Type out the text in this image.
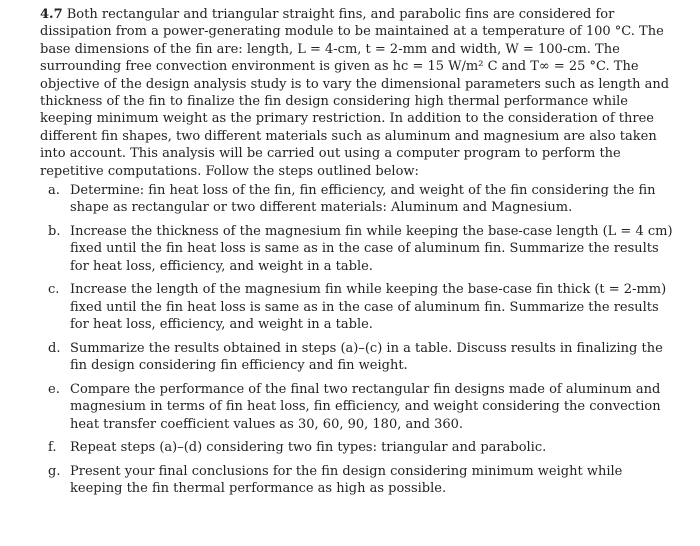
4.7 Both rectangular and triangular straight fins, and parabolic fins are considered for dissipation from a power-generating module to be maintained at a temperature of 100 °C. The base dimensions of the fin are: length, L = 4-cm, t = 2-mm and width, W = 100-cm. The surrounding free convection environment is given as hc = 15 W/m² C and T∞ = 25 °C. The objective of the design analysis study is to vary the dimensional parameters such as length and thickness of the fin to finalize the fin design considering high thermal performance while keeping minimum weight as the primary restriction. In addition to the consideration of three different fin shapes, two different materials such as aluminum and magnesium are also taken into account. This analysis will be carried out using a computer program to perform the repetitive computations. Follow the steps outlined below:

a. Determine: fin heat loss of the fin, fin efficiency, and weight of the fin considering the fin shape as rectangular or two different materials: Aluminum and Magnesium.
b. Increase the thickness of the magnesium fin while keeping the base-case length (L = 4 cm) fixed until the fin heat loss is same as in the case of aluminum fin. Summarize the results for heat loss, efficiency, and weight in a table.
c. Increase the length of the magnesium fin while keeping the base-case fin thick (t = 2-mm) fixed until the fin heat loss is same as in the case of aluminum fin. Summarize the results for heat loss, efficiency, and weight in a table.
d. Summarize the results obtained in steps (a)–(c) in a table. Discuss results in finalizing the fin design considering fin efficiency and fin weight.
e. Compare the performance of the final two rectangular fin designs made of aluminum and magnesium in terms of fin heat loss, fin efficiency, and weight considering the convection heat transfer coefficient values as 30, 60, 90, 180, and 360.
f. Repeat steps (a)–(d) considering two fin types: triangular and parabolic.
g. Present your final conclusions for the fin design considering minimum weight while keeping the fin thermal performance as high as possible.
